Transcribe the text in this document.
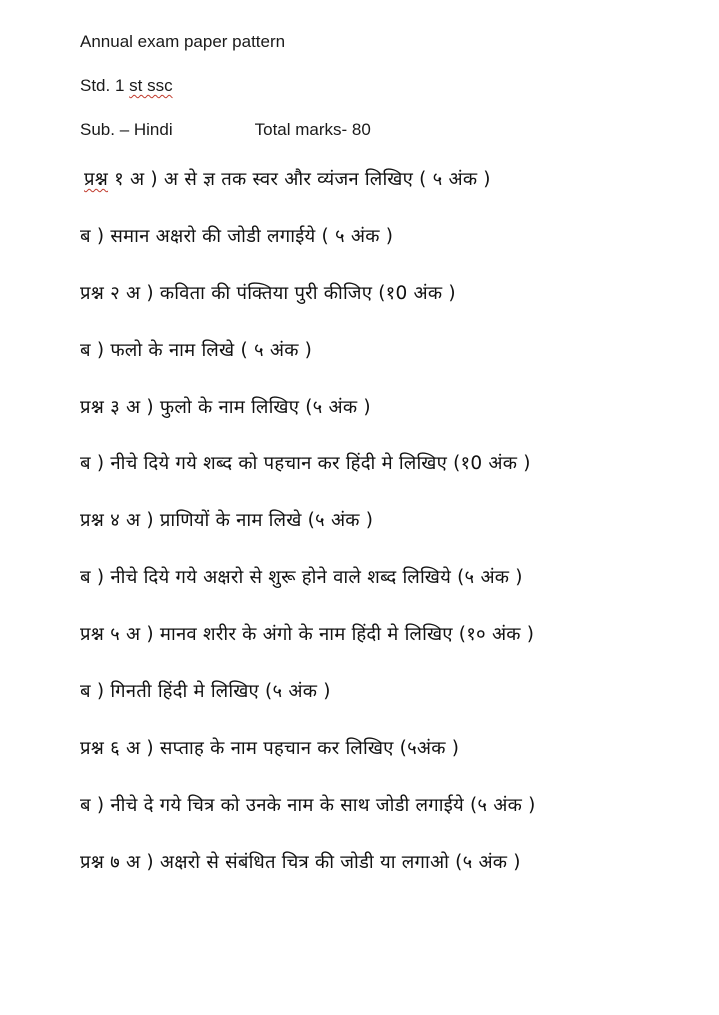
Annual exam paper pattern
Std. 1 st ssc
Sub. – Hindi	Total marks- 80
प्रश्न १ अ ) अ से ज्ञ तक स्वर और व्यंजन लिखिए ( ५ अंक )
ब ) समान अक्षरो की जोडी लगाईये ( ५ अंक )
प्रश्न २ अ ) कविता की पंक्तिया पुरी कीजिए (१0 अंक )
ब ) फलो के नाम लिखे ( ५ अंक )
प्रश्न ३ अ ) फुलो के नाम लिखिए (५ अंक )
ब ) नीचे दिये गये शब्द को पहचान कर हिंदी मे लिखिए (१0 अंक )
प्रश्न ४ अ ) प्राणियों के नाम लिखे (५ अंक )
ब ) नीचे दिये गये अक्षरो से शुरू होने वाले शब्द लिखिये (५ अंक )
प्रश्न ५ अ ) मानव शरीर के अंगो के नाम हिंदी मे लिखिए (१० अंक )
ब ) गिनती हिंदी मे लिखिए (५ अंक )
प्रश्न ६ अ ) सप्ताह के नाम पहचान कर लिखिए (५अंक )
ब ) नीचे दे गये चित्र को उनके नाम के साथ जोडी लगाईये (५ अंक )
प्रश्न ७ अ ) अक्षरो से संबंधित चित्र की जोडी या लगाओ (५ अंक )
